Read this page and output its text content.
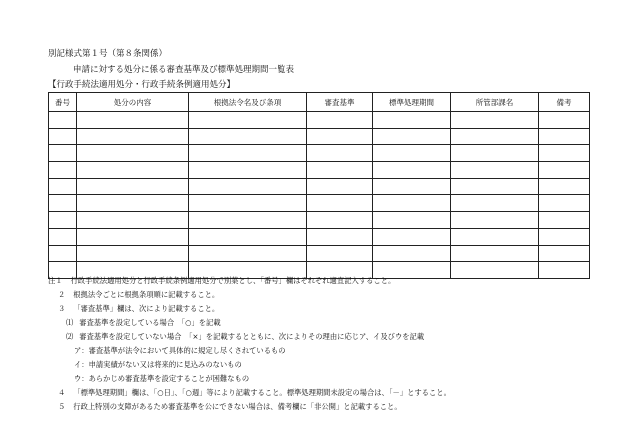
別記様式第１号（第８条関係）
申請に対する処分に係る審査基準及び標準処理期間一覧表
【行政手続法適用処分・行政手続条例適用処分】
番号	処分の内容	根拠法令名及び条項	審査基準	標準処理期間	所管部課名	備考

注１ 行政手続法適用処分と行政手続条例適用処分で別葉とし、「番号」欄はそれぞれ適宜記入すること。
２ 根拠法令ごとに根拠条項順に記載すること。
３ 「審査基準」欄は、次により記載すること。
⑴ 審査基準を設定している場合　「○」を記載
⑵ 審査基準を設定していない場合　「×」を記載するとともに、次によりその理由に応じア、イ及びウを記載
ア：審査基準が法令において具体的に規定し尽くされているもの
イ：申請実績がない又は将来的に見込みのないもの
ウ：あらかじめ審査基準を設定することが困難なもの
４ 「標準処理期間」欄は、「○日」、「○週」等により記載すること。標準処理期間未設定の場合は、「－」とすること。
５ 行政上特別の支障があるため審査基準を公にできない場合は、備考欄に「非公開」と記載すること。
